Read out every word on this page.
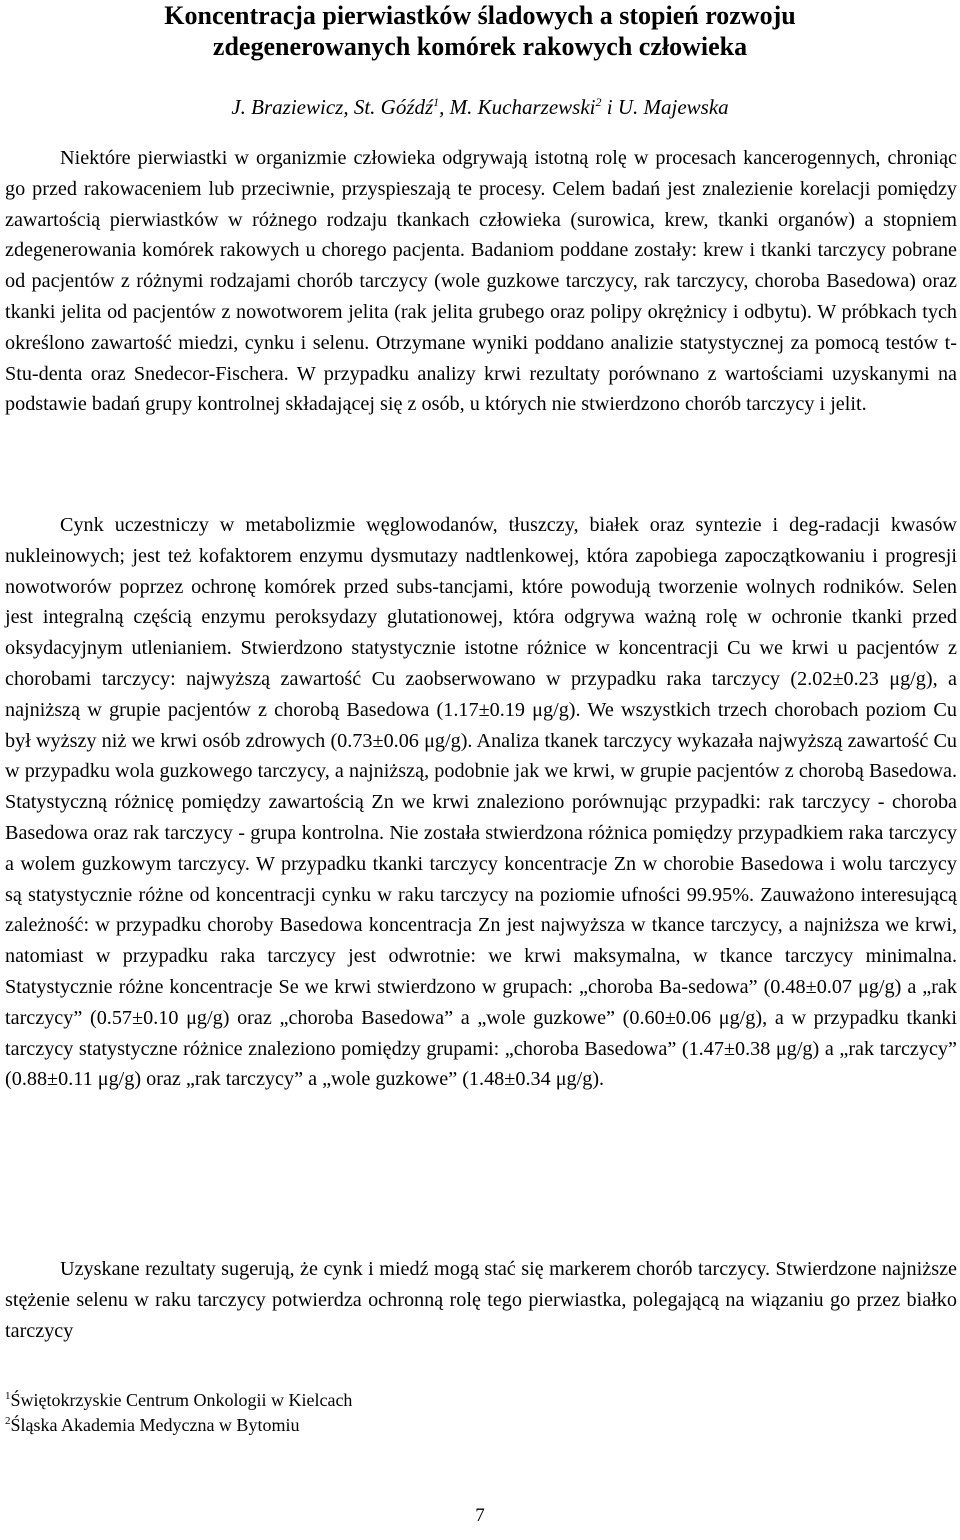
Koncentracja pierwiastków śladowych a stopień rozwoju
zdegenerowanych komórek rakowych człowieka
J. Braziewicz, St. Góźdź$^1$, M. Kucharzewski$^2$ i U. Majewska

Niektóre pierwiastki w organizmie człowieka odgrywają istotną rolę w procesach kancerogennych, chroniąc go przed rakowaceniem lub przeciwnie, przyspieszają te procesy. Celem badań jest znalezienie korelacji pomiędzy zawartością pierwiastków w różnego rodzaju tkankach człowieka (surowica, krew, tkanki organów) a stopniem zdegenerowania komórek rakowych u chorego pacjenta. Badaniom poddane zostały: krew i tkanki tarczycy pobrane od pacjentów z różnymi rodzajami chorób tarczycy (wole guzkowe tarczycy, rak tarczycy, choroba Basedowa) oraz tkanki jelita od pacjentów z nowotworem jelita (rak jelita grubego oraz polipy okrężnicy i odbytu). W próbkach tych określono zawartość miedzi, cynku i selenu. Otrzymane wyniki poddano analizie statystycznej za pomocą testów t-Stu-denta oraz Snedecor-Fischera. W przypadku analizy krwi rezultaty porównano z wartościami uzyskanymi na podstawie badań grupy kontrolnej składającej się z osób, u których nie stwierdzono chorób tarczycy i jelit.

Cynk uczestniczy w metabolizmie węglowodanów, tłuszczy, białek oraz syntezie i deg-radacji kwasów nukleinowych; jest też kofaktorem enzymu dysmutazy nadtlenkowej, która zapobiega zapoczątkowaniu i progresji nowotworów poprzez ochronę komórek przed subs-tancjami, które powodują tworzenie wolnych rodników. Selen jest integralną częścią enzymu peroksydazy glutationowej, która odgrywa ważną rolę w ochronie tkanki przed oksydacyjnym utlenianiem. Stwierdzono statystycznie istotne różnice w koncentracji Cu we krwi u pacjentów z chorobami tarczycy: najwyższą zawartość Cu zaobserwowano w przypadku raka tarczycy (2.02±0.23 μg/g), a najniższą w grupie pacjentów z chorobą Basedowa (1.17±0.19 μg/g). We wszystkich trzech chorobach poziom Cu był wyższy niż we krwi osób zdrowych (0.73±0.06 μg/g). Analiza tkanek tarczycy wykazała najwyższą zawartość Cu w przypadku wola guzkowego tarczycy, a najniższą, podobnie jak we krwi, w grupie pacjentów z chorobą Basedowa. Statystyczną różnicę pomiędzy zawartością Zn we krwi znaleziono porównując przypadki: rak tarczycy - choroba Basedowa oraz rak tarczycy - grupa kontrolna. Nie została stwierdzona różnica pomiędzy przypadkiem raka tarczycy a wolem guzkowym tarczycy. W przypadku tkanki tarczycy koncentracje Zn w chorobie Basedowa i wolu tarczycy są statystycznie różne od koncentracji cynku w raku tarczycy na poziomie ufności 99.95%. Zauważono interesującą zależność: w przypadku choroby Basedowa koncentracja Zn jest najwyższa w tkance tarczycy, a najniższa we krwi, natomiast w przypadku raka tarczycy jest odwrotnie: we krwi maksymalna, w tkance tarczycy minimalna. Statystycznie różne koncentracje Se we krwi stwierdzono w grupach: „choroba Ba-sedowa” (0.48±0.07 μg/g) a „rak tarczycy” (0.57±0.10 μg/g) oraz „choroba Basedowa” a „wole guzkowe” (0.60±0.06 μg/g), a w przypadku tkanki tarczycy statystyczne różnice znaleziono pomiędzy grupami: „choroba Basedowa” (1.47±0.38 μg/g) a „rak tarczycy” (0.88±0.11 μg/g) oraz „rak tarczycy” a „wole guzkowe” (1.48±0.34 μg/g).

Uzyskane rezultaty sugerują, że cynk i miedź mogą stać się markerem chorób tarczycy. Stwierdzone najniższe stężenie selenu w raku tarczycy potwierdza ochronną rolę tego pierwiastka, polegającą na wiązaniu go przez białko tarczycy

$^1$Świętokrzyskie Centrum Onkologii w Kielcach
$^2$Śląska Akademia Medyczna w Bytomiu
7
